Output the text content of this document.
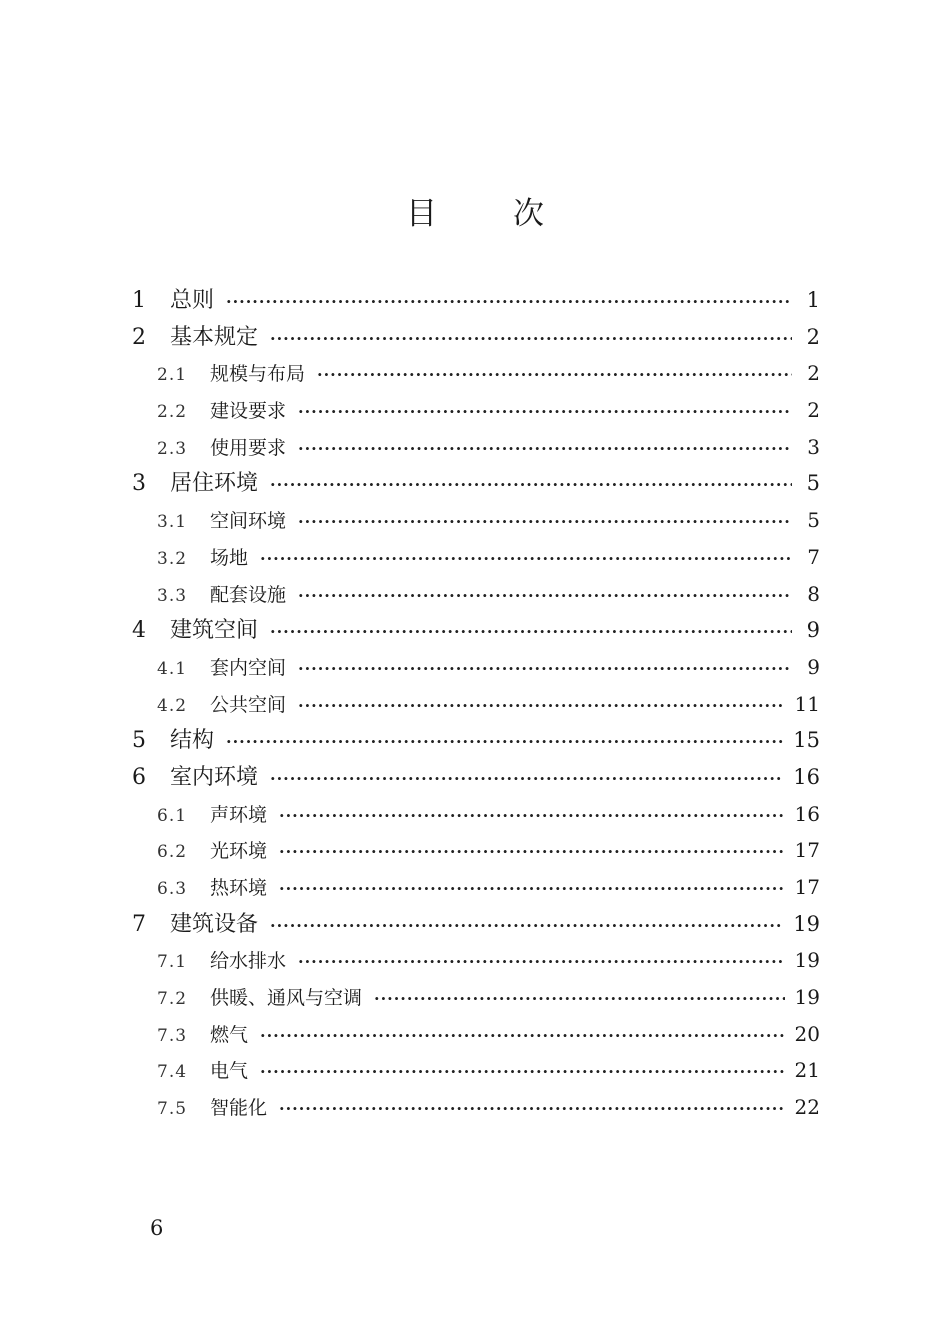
目 次
1	总则 ·····	1
2	基本规定 ·····	2
2.1	规模与布局 ·····	2
2.2	建设要求 ·····	2
2.3	使用要求 ·····	3
3	居住环境 ·····	5
3.1	空间环境 ·····	5
3.2	场地 ·····	7
3.3	配套设施 ·····	8
4	建筑空间 ·····	9
4.1	套内空间 ·····	9
4.2	公共空间 ·····	11
5	结构 ·····	15
6	室内环境 ·····	16
6.1	声环境 ·····	16
6.2	光环境 ·····	17
6.3	热环境 ·····	17
7	建筑设备 ·····	19
7.1	给水排水 ·····	19
7.2	供暖、通风与空调 ·····	19
7.3	燃气 ·····	20
7.4	电气 ·····	21
7.5	智能化 ·····	22
6
